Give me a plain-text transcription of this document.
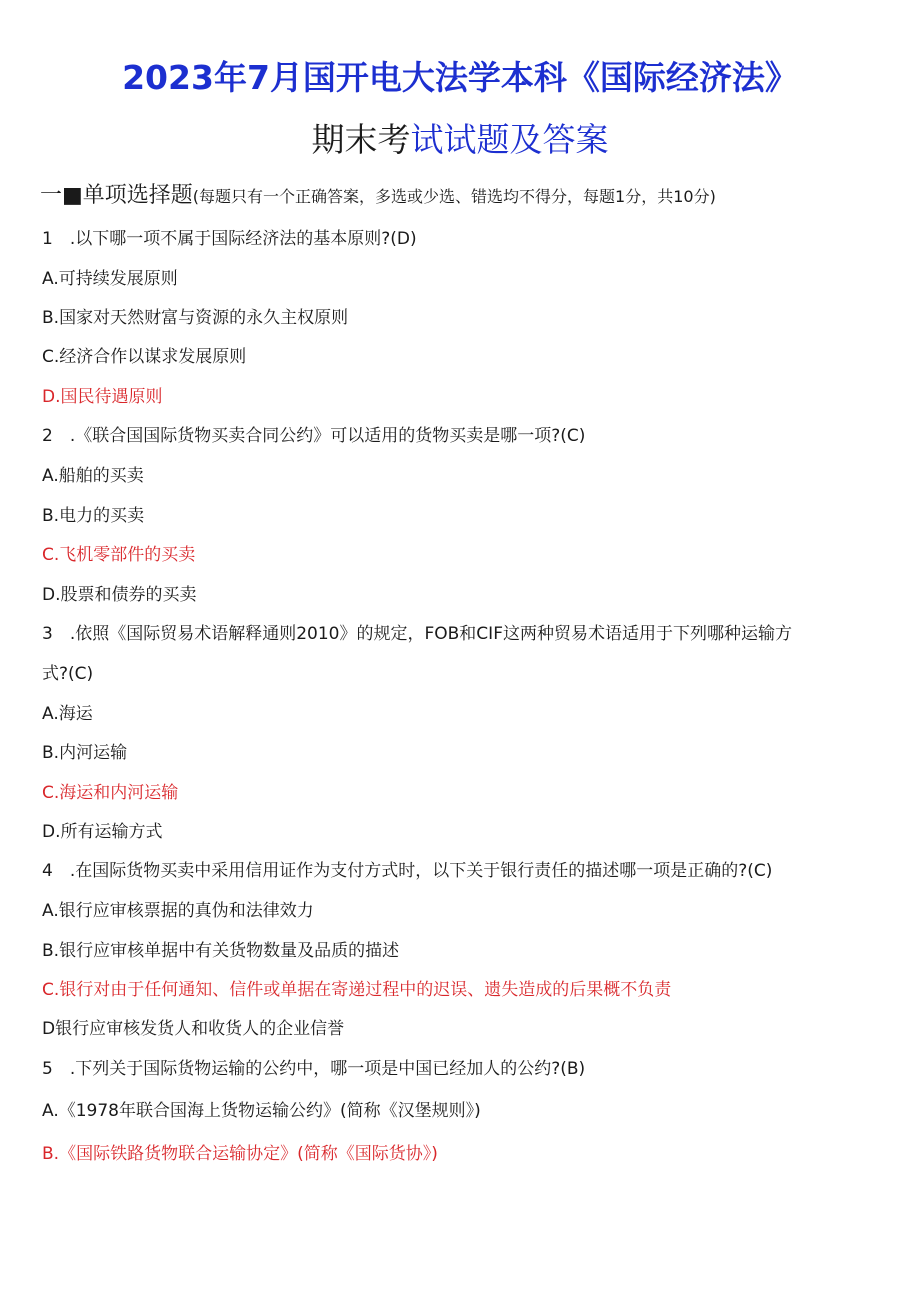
2023年7月国开电大法学本科《国际经济法》
期末考试试题及答案
一■单项选择题(每题只有一个正确答案，多选或少选、错选均不得分，每题1分，共10分)
1　.以下哪一项不属于国际经济法的基本原则?(D)
A.可持续发展原则
B.国家对天然财富与资源的永久主权原则
C.经济合作以谋求发展原则
D.国民待遇原则
2　.《联合国国际货物买卖合同公约》可以适用的货物买卖是哪一项?(C)
A.船舶的买卖
B.电力的买卖
C.飞机零部件的买卖
D.股票和债券的买卖
3　.依照《国际贸易术语解释通则2010》的规定，FOB和CIF这两种贸易术语适用于下列哪种运输方
式?(C)
A.海运
B.内河运输
C.海运和内河运输
D.所有运输方式
4　.在国际货物买卖中采用信用证作为支付方式时，以下关于银行责任的描述哪一项是正确的?(C)
A.银行应审核票据的真伪和法律效力
B.银行应审核单据中有关货物数量及品质的描述
C.银行对由于任何通知、信件或单据在寄递过程中的迟误、遗失造成的后果概不负责
D银行应审核发货人和收货人的企业信誉
5　.下列关于国际货物运输的公约中，哪一项是中国已经加人的公约?(B)
A.《1978年联合国海上货物运输公约》(简称《汉堡规则》)
B.《国际铁路货物联合运输协定》(简称《国际货协》)
